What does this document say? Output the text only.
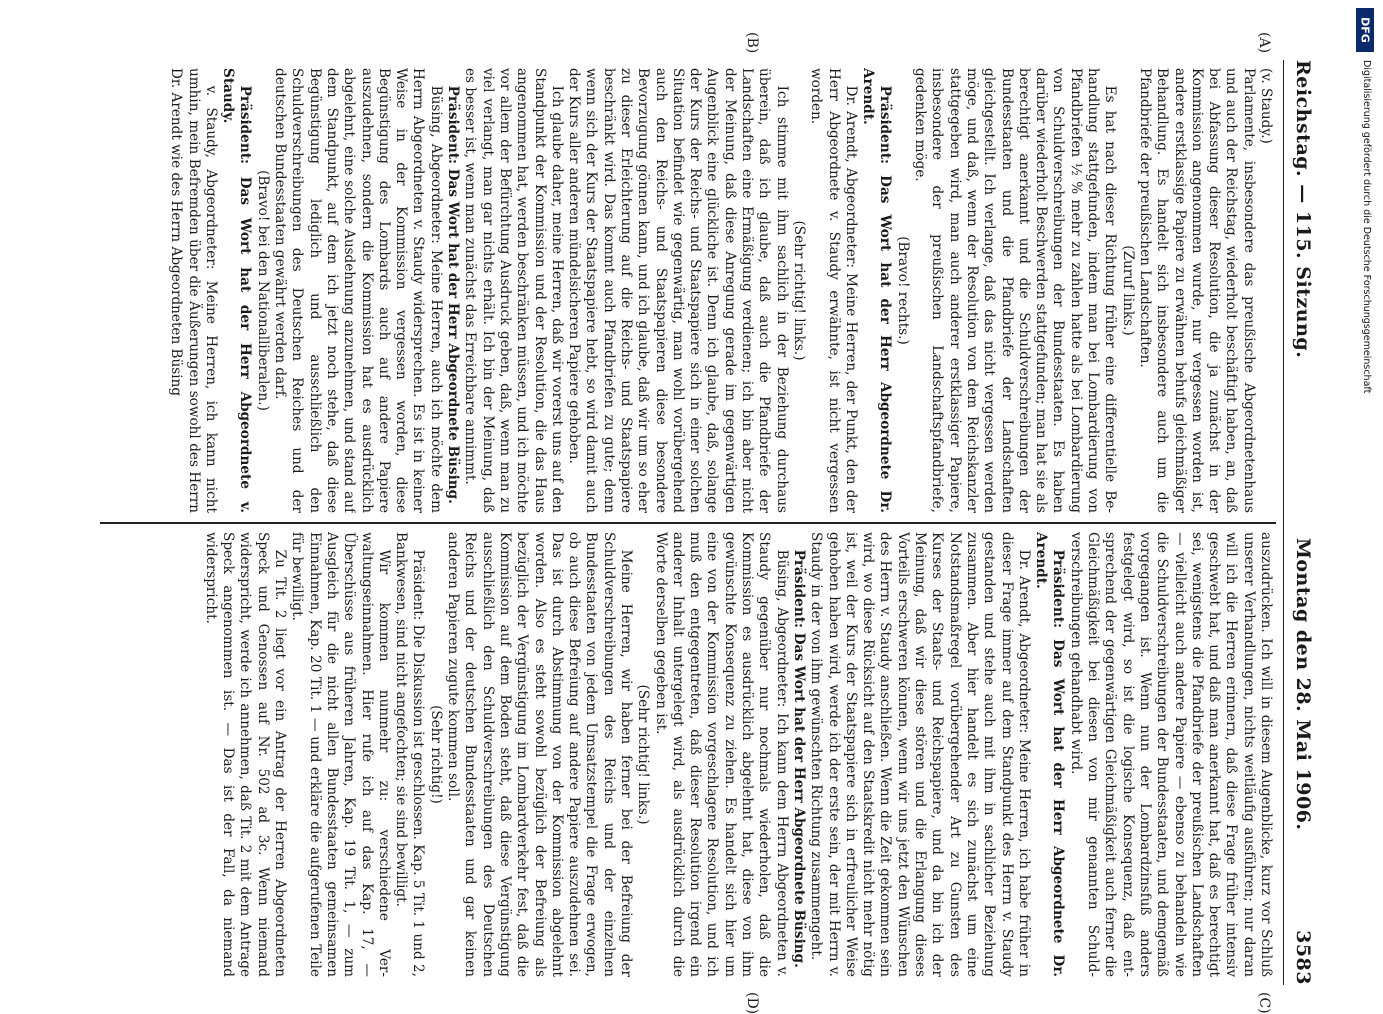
Reichstag. — 115. Sitzung.
Montag den 28. Mai 1906.              3583
(A)
(B)
(C)
(D)

(v. Staudy.)

Parlamente, insbesondere das preußische Abgeordnetenhaus und auch der Reichstag, wiederholt beschäftigt haben, an, daß bei Abfassung dieser Resolution, die ja zunächst in der Kommission angenommen wurde, nur vergessen worden ist, andere erstklassige Papiere zu erwähnen behufs gleichmäßiger Behandlung. Es handelt sich insbesondere auch um die Pfandbriefe der preußischen Landschaften.

(Zuruf links.)

Es hat nach dieser Richtung früher eine differentielle Behandlung stattgefunden, indem man bei Lombardierung von Pfandbriefen ½ % mehr zu zahlen hatte als bei Lombardierung von Schuldverschreibungen der Bundesstaaten. Es haben darüber wiederholt Beschwerden stattgefunden; man hat sie als berechtigt anerkannt und die Schuldverschreibungen der Bundesstaaten und die Pfandbriefe der Landschaften gleichgestellt. Ich verlange, daß das nicht vergessen werden möge, und daß, wenn der Resolution von dem Reichskanzler stattgegeben wird, man auch anderer erstklassiger Papiere, insbesondere der preußischen Landschaftspfandbriefe, gedenken möge.

(Bravo! rechts.)

Präsident: Das Wort hat der Herr Abgeordnete Dr. Arendt.

Dr. Arendt, Abgeordneter: Meine Herren, der Punkt, den der Herr Abgeordnete v. Staudy erwähnte, ist nicht vergessen worden.

(Sehr richtig! links.)

Ich stimme mit ihm sachlich in der Beziehung durchaus überein, daß ich glaube, daß auch die Pfandbriefe der Landschaften eine Ermäßigung verdienen; ich bin aber nicht der Meinung, daß diese Anregung gerade im gegenwärtigen Augenblick eine glückliche ist. Denn ich glaube, daß, solange der Kurs der Reichs- und Staatspapiere sich in einer solchen Situation befindet wie gegenwärtig, man wohl vorübergehend auch den Reichs- und Staatspapieren diese besondere Bevorzugung gönnen kann, und ich glaube, daß wir um so eher zu dieser Erleichterung auf die Reichs- und Staatspapiere beschränkt wird. Das kommt auch Pfandbriefen zu gute; denn wenn sich der Kurs der Staatspapiere hebt, so wird damit auch der Kurs aller anderen mündelsicheren Papiere gehoben.

Ich glaube daher, meine Herren, daß wir vorerst uns auf den Standpunkt der Kommission und der Resolution, die das Haus angenommen hat, werden beschränken müssen, und ich möchte vor allem der Befürchtung Ausdruck geben, daß, wenn man zu viel verlangt, man gar nichts erhält. Ich bin der Meinung, daß es besser ist, wenn man zunächst das Erreichbare annimmt.

Präsident: Das Wort hat der Herr Abgeordnete Büsing.

Büsing, Abgeordneter: Meine Herren, auch ich möchte dem Herrn Abgeordneten v. Staudy widersprechen. Es ist in keiner Weise in der Kommission vergessen worden, diese Begünstigung des Lombards auch auf andere Papiere auszudehnen, sondern die Kommission hat es ausdrücklich abgelehnt, eine solche Ausdehnung anzunehmen, und stand auf dem Standpunkt, auf dem ich jetzt noch stehe, daß diese Begünstigung lediglich und ausschließlich den Schuldverschreibungen des Deutschen Reiches und der deutschen Bundesstaaten gewährt werden darf.

(Bravo! bei den Nationalliberalen.)

Präsident: Das Wort hat der Herr Abgeordnete v. Staudy.

v. Staudy, Abgeordneter: Meine Herren, ich kann nicht umhin, mein Befremden über die Äußerungen sowohl des Herrn Dr. Arendt wie des Herrn Abgeordneten Büsing

auszudrücken. Ich will in diesem Augenblicke, kurz vor Schluß unserer Verhandlungen, nichts weitläufig ausführen; nur daran will ich die Herren erinnern, daß diese Frage früher intensiv geschwebt hat, und daß man anerkannt hat, daß es berechtigt sei, wenigstens die Pfandbriefe der preußischen Landschaften — vielleicht auch andere Papiere — ebenso zu behandeln wie die Schuldverschreibungen der Bundesstaaten, und demgemäß vorgegangen ist. Wenn nun der Lombardzinsfuß anders festgelegt wird, so ist die logische Konsequenz, daß entsprechend der gegenwärtigen Gleichmäßigkeit auch ferner die Gleichmäßigkeit bei diesen von mir genannten Schuldverschreibungen gehandhabt wird.

Präsident: Das Wort hat der Herr Abgeordnete Dr. Arendt.

Dr. Arendt, Abgeordneter: Meine Herren, ich habe früher in dieser Frage immer auf dem Standpunkt des Herrn v. Staudy gestanden und stehe auch mit ihm in sachlicher Beziehung zusammen. Aber hier handelt es sich zunächst um eine Notstandsmaßregel vorübergehender Art zu Gunsten des Kurses der Staats- und Reichspapiere, und da bin ich der Meinung, daß wir diese stören und die Erlangung dieses Vorteils erschweren können, wenn wir uns jetzt den Wünschen des Herrn v. Staudy anschließen. Wenn die Zeit gekommen sein wird, wo diese Rücksicht auf den Staatskredit nicht mehr nötig ist, weil der Kurs der Staatspapiere sich in erfreulicher Weise gehoben haben wird, werde ich der erste sein, der mit Herrn v. Staudy in der von ihm gewünschten Richtung zusammengeht.

Präsident: Das Wort hat der Herr Abgeordnete Büsing.

Büsing, Abgeordneter: Ich kann dem Herrn Abgeordneten v. Staudy gegenüber nur nochmals wiederholen, daß die Kommission es ausdrücklich abgelehnt hat, diese von ihm gewünschte Konsequenz zu ziehen. Es handelt sich hier um eine von der Kommission vorgeschlagene Resolution, und ich muß den entgegentreten, daß dieser Resolution irgend ein anderer Inhalt untergelegt wird, als ausdrücklich durch die Worte derselben gegeben ist.

(Sehr richtig! links.)

Meine Herren, wir haben ferner bei der Befreiung der Schuldverschreibungen des Reichs und der einzelnen Bundesstaaten von jedem Umsatzstempel die Frage erwogen, ob auch diese Befreiung auf andere Papiere auszudehnen sei. Das ist durch Abstimmung von der Kommission abgelehnt worden. Also es steht sowohl bezüglich der Befreiung als bezüglich der Vergünstigung im Lombardverkehr fest, daß die Kommission auf dem Boden steht, daß diese Vergünstigung ausschließlich den Schuldverschreibungen des Deutschen Reichs und der deutschen Bundesstaaten und gar keinen anderen Papieren zugute kommen soll.

(Sehr richtig!)

Präsident: Die Diskussion ist geschlossen. Kap. 5 Tit. 1 und 2, Bankwesen, sind nicht angefochten; sie sind bewilligt.

Wir kommen nunmehr zu: verschiedene Verwaltungseinnahmen. Hier rufe ich auf das Kap. 17, — Überschüsse aus früheren Jahren, Kap. 19 Tit. 1, — zum Ausgleich für die nicht allen Bundesstaaten gemeinsamen Einnahmen, Kap. 20 Tit. 1 — und erkläre die aufgerufenen Teile für bewilligt.

Zu Tit. 2 liegt vor ein Antrag der Herren Abgeordneten Speck und Genossen auf Nr. 502 ad 3c. Wenn niemand widerspricht, werde ich annehmen, daß Tit. 2 mit dem Antrage Speck angenommen ist. — Das ist der Fall, da niemand widerspricht.

DFG
Digitalisierung gefördert durch die Deutsche Forschungsgemeinschaft
